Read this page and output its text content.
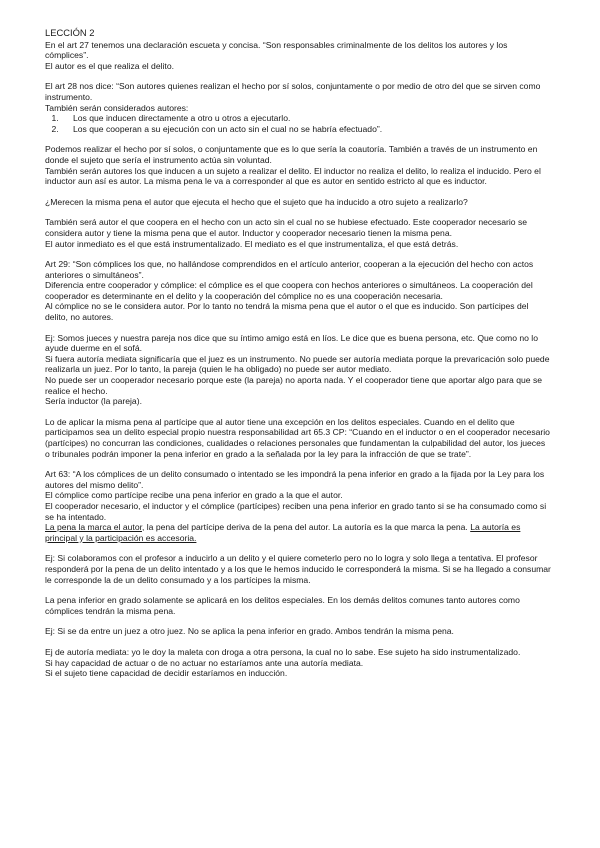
LECCIÓN 2

En el art 27 tenemos una declaración escueta y concisa. “Son responsables criminalmente de los delitos los autores y los cómplices”.

El autor es el que realiza el delito.

El art 28 nos dice: “Son autores quienes realizan el hecho por sí solos, conjuntamente o por medio de otro del que se sirven como instrumento.

También serán considerados autores:

1. Los que inducen directamente a otro u otros a ejecutarlo.
2. Los que cooperan a su ejecución con un acto sin el cual no se habría efectuado”.

Podemos realizar el hecho por sí solos, o conjuntamente que es lo que sería la coautoría. También a través de un instrumento en donde el sujeto que sería el instrumento actúa sin voluntad.

También serán autores los que inducen a un sujeto a realizar el delito. El inductor no realiza el delito, lo realiza el inducido. Pero el inductor aun así es autor. La misma pena le va a corresponder al que es autor en sentido estricto al que es inductor.

¿Merecen la misma pena el autor que ejecuta el hecho que el sujeto que ha inducido a otro sujeto a realizarlo?

También será autor el que coopera en el hecho con un acto sin el cual no se hubiese efectuado. Este cooperador necesario se considera autor y tiene la misma pena que el autor. Inductor y cooperador necesario tienen la misma pena.

El autor inmediato es el que está instrumentalizado. El mediato es el que instrumentaliza, el que está detrás.

Art 29: “Son cómplices los que, no hallándose comprendidos en el artículo anterior, cooperan a la ejecución del hecho con actos anteriores o simultáneos”.

Diferencia entre cooperador y cómplice: el cómplice es el que coopera con hechos anteriores o simultáneos. La cooperación del cooperador es determinante en el delito y la cooperación del cómplice no es una cooperación necesaria.

Al cómplice no se le considera autor. Por lo tanto no tendrá la misma pena que el autor o el que es inducido. Son partícipes del delito, no autores.

Ej: Somos jueces y nuestra pareja nos dice que su íntimo amigo está en líos. Le dice que es buena persona, etc. Que como no lo ayude duerme en el sofá.

Si fuera autoría mediata significaría que el juez es un instrumento. No puede ser autoría mediata porque la prevaricación solo puede realizarla un juez. Por lo tanto, la pareja (quien le ha obligado) no puede ser autor mediato.

No puede ser un cooperador necesario porque este (la pareja) no aporta nada. Y el cooperador tiene que aportar algo para que se realice el hecho.

Sería inductor (la pareja).

Lo de aplicar la misma pena al partícipe que al autor tiene una excepción en los delitos especiales. Cuando en el delito que participamos sea un delito especial propio nuestra responsabilidad art 65.3 CP: “Cuando en el inductor o en el cooperador necesario (partícipes) no concurran las condiciones, cualidades o relaciones personales que fundamentan la culpabilidad del autor, los jueces o tribunales podrán imponer la pena inferior en grado a la señalada por la ley para la infracción de que se trate”.

Art 63: “A los cómplices de un delito consumado o intentado se les impondrá la pena inferior en grado a la fijada por la Ley para los autores del mismo delito”.

El cómplice como partícipe recibe una pena inferior en grado a la que el autor.

El cooperador necesario, el inductor y el cómplice (partícipes) reciben una pena inferior en grado tanto si se ha consumado como si se ha intentado.

La pena la marca el autor, la pena del partícipe deriva de la pena del autor. La autoría es la que marca la pena. La autoría es principal y la participación es accesoria.

Ej: Si colaboramos con el profesor a inducirlo a un delito y el quiere cometerlo pero no lo logra y solo llega a tentativa. El profesor responderá por la pena de un delito intentado y a los que le hemos inducido le corresponderá la misma. Si se ha llegado a consumar le corresponde la de un delito consumado y a los partícipes la misma.

La pena inferior en grado solamente se aplicará en los delitos especiales. En los demás delitos comunes tanto autores como cómplices tendrán la misma pena.

Ej: Si se da entre un juez a otro juez. No se aplica la pena inferior en grado. Ambos tendrán la misma pena.

Ej de autoría mediata: yo le doy la maleta con droga a otra persona, la cual no lo sabe. Ese sujeto ha sido instrumentalizado.

Si hay capacidad de actuar o de no actuar no estaríamos ante una autoría mediata.

Si el sujeto tiene capacidad de decidir estaríamos en inducción.
